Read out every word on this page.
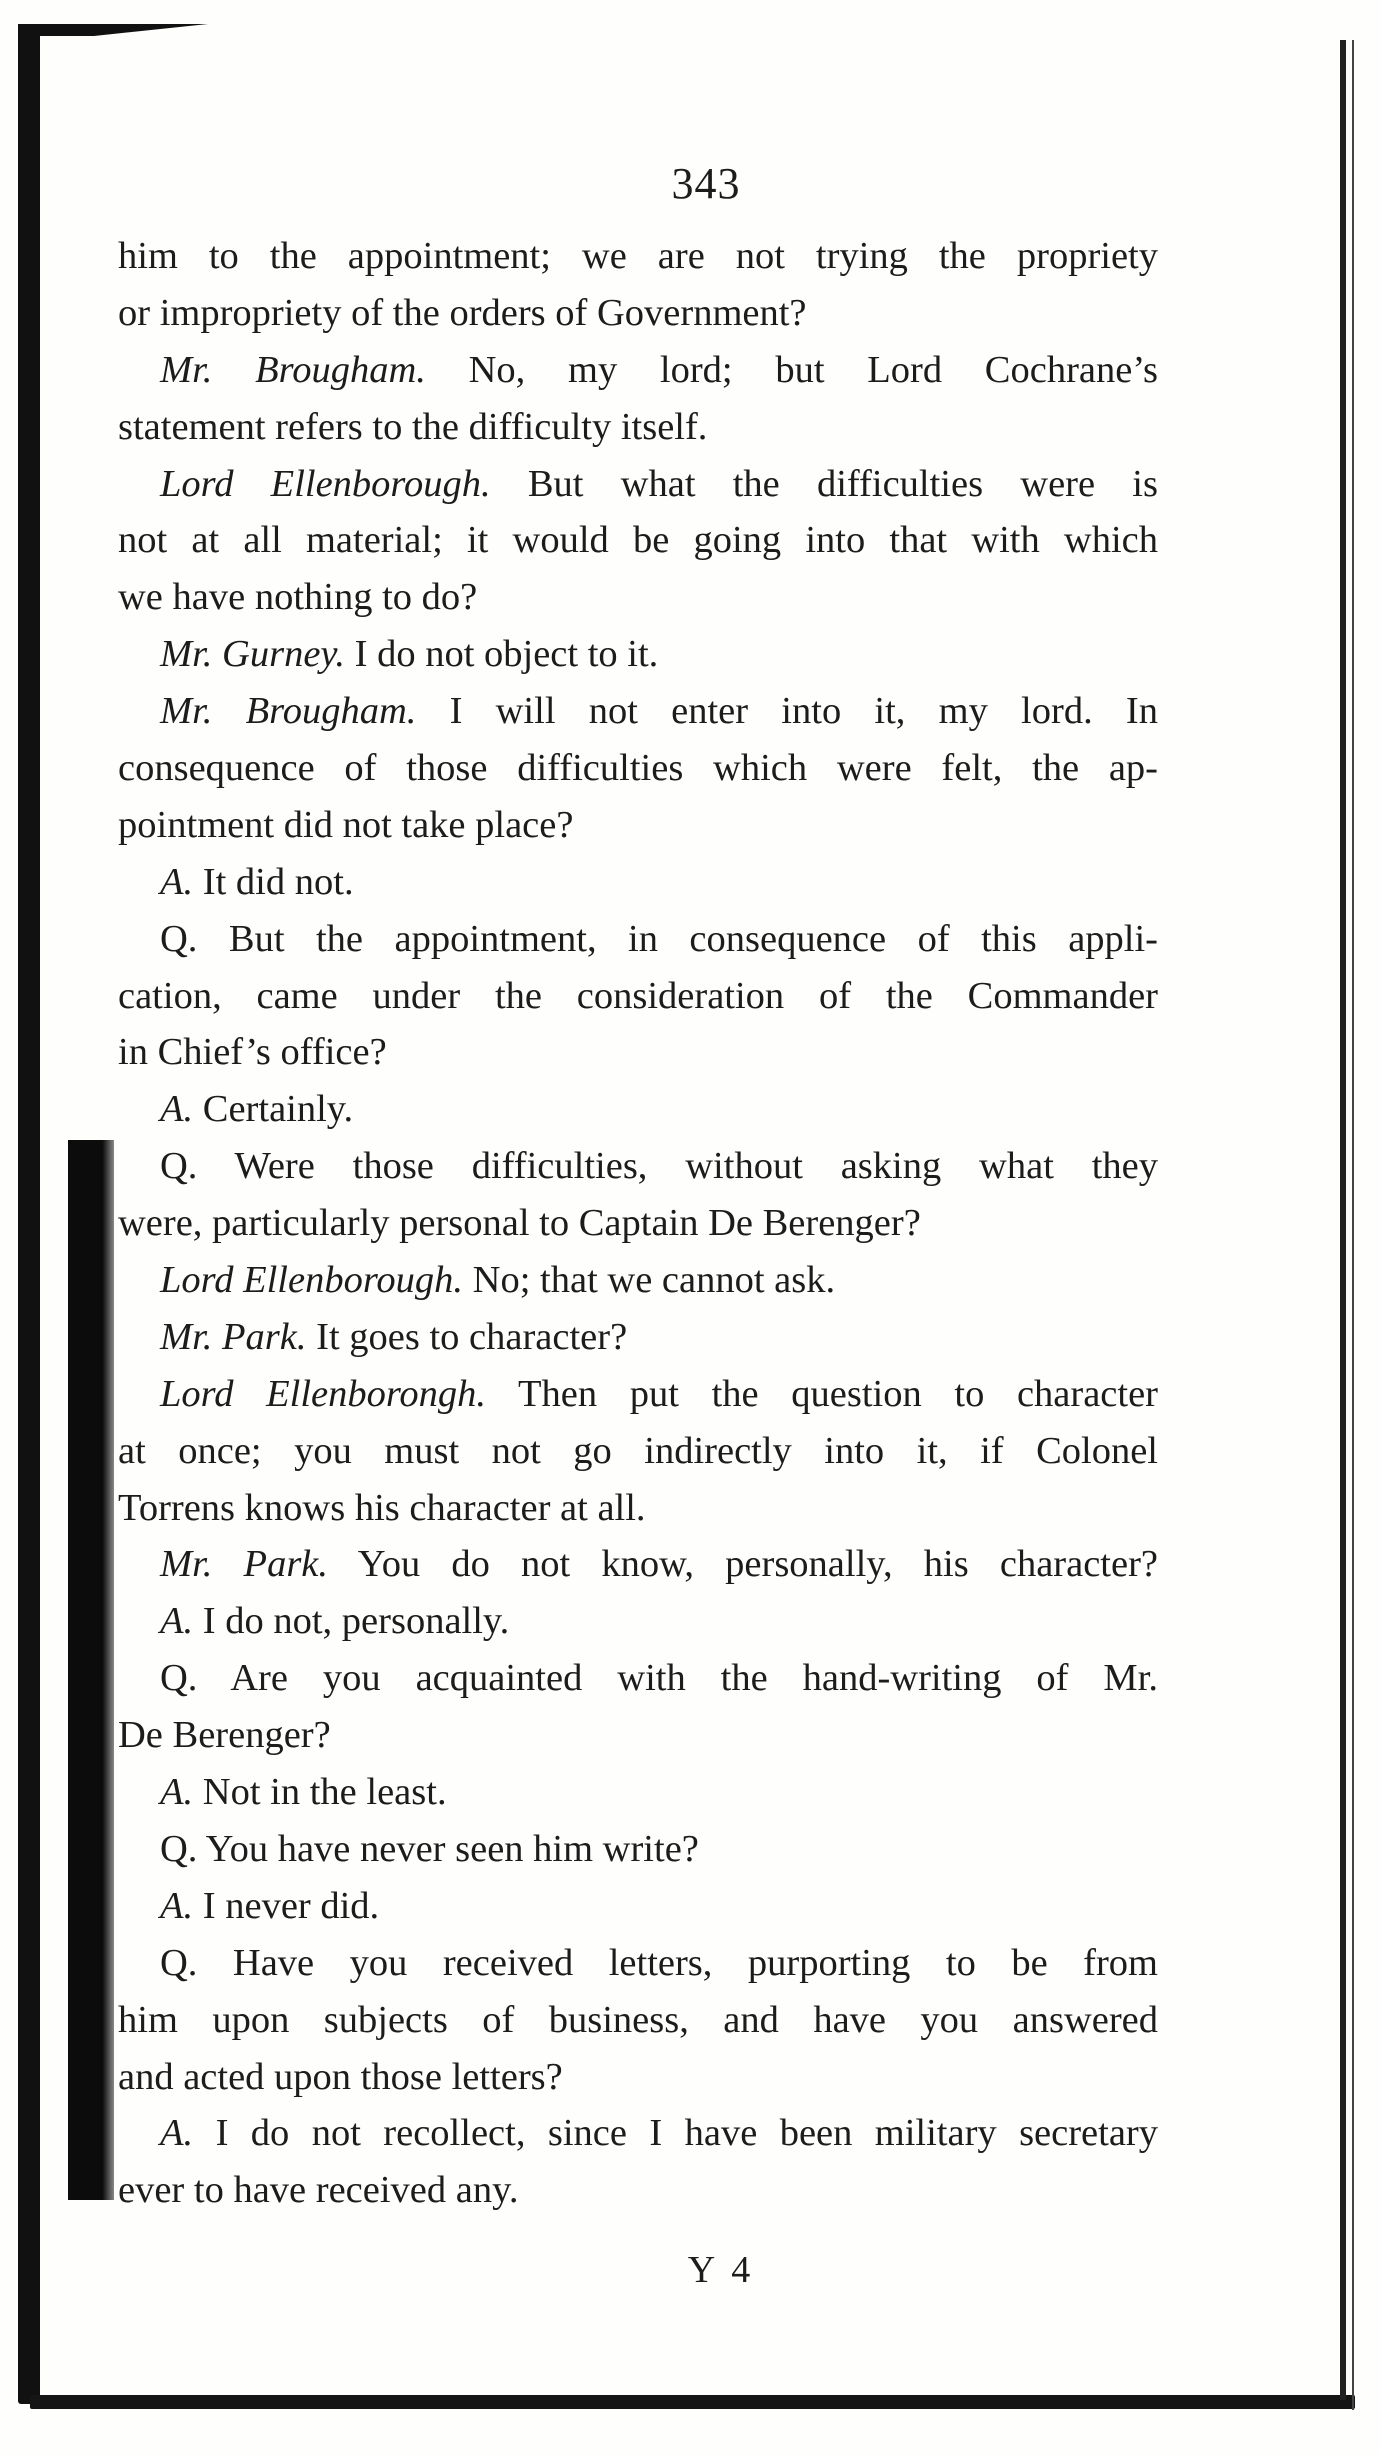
343
him to the appointment; we are not trying the propriety
or impropriety of the orders of Government?
Mr. Brougham. No, my lord; but Lord Cochrane’s
statement refers to the difficulty itself.
Lord Ellenborough. But what the difficulties were is
not at all material; it would be going into that with which
we have nothing to do?
Mr. Gurney. I do not object to it.
Mr. Brougham. I will not enter into it, my lord. In
consequence of those difficulties which were felt, the ap-
pointment did not take place?
A. It did not.
Q. But the appointment, in consequence of this appli-
cation, came under the consideration of the Commander
in Chief’s office?
A. Certainly.
Q. Were those difficulties, without asking what they
were, particularly personal to Captain De Berenger?
Lord Ellenborough. No; that we cannot ask.
Mr. Park. It goes to character?
Lord Ellenborongh. Then put the question to character
at once; you must not go indirectly into it, if Colonel
Torrens knows his character at all.
Mr. Park. You do not know, personally, his character?
A. I do not, personally.
Q. Are you acquainted with the hand-writing of Mr.
De Berenger?
A. Not in the least.
Q. You have never seen him write?
A. I never did.
Q. Have you received letters, purporting to be from
him upon subjects of business, and have you answered
and acted upon those letters?
A. I do not recollect, since I have been military secretary
ever to have received any.
Y 4
